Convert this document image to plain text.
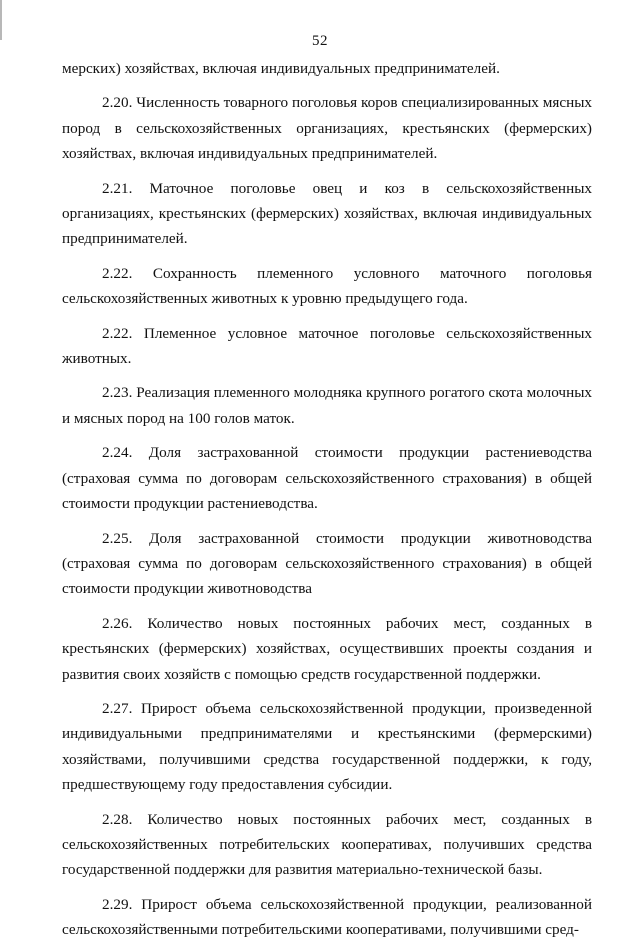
52

мерских) хозяйствах, включая индивидуальных предпринимателей.

2.20. Численность товарного поголовья коров специализированных мясных пород в сельскохозяйственных организациях, крестьянских (фермерских) хозяйствах, включая индивидуальных предпринимателей.

2.21. Маточное поголовье овец и коз в сельскохозяйственных организациях, крестьянских (фермерских) хозяйствах, включая индивидуальных предпринимателей.

2.22. Сохранность племенного условного маточного поголовья сельскохозяйственных животных к уровню предыдущего года.

2.22. Племенное условное маточное поголовье сельскохозяйственных животных.

2.23. Реализация племенного молодняка крупного рогатого скота молочных и мясных пород на 100 голов маток.

2.24. Доля застрахованной стоимости продукции растениеводства (страховая сумма по договорам сельскохозяйственного страхования) в общей стоимости продукции растениеводства.

2.25. Доля застрахованной стоимости продукции животноводства (страховая сумма по договорам сельскохозяйственного страхования) в общей стоимости продукции животноводства

2.26. Количество новых постоянных рабочих мест, созданных в крестьянских (фермерских) хозяйствах, осуществивших проекты создания и развития своих хозяйств с помощью средств государственной поддержки.

2.27. Прирост объема сельскохозяйственной продукции, произведенной индивидуальными предпринимателями и крестьянскими (фермерскими) хозяйствами, получившими средства государственной поддержки, к году, предшествующему году предоставления субсидии.

2.28. Количество новых постоянных рабочих мест, созданных в сельскохозяйственных потребительских кооперативах, получивших средства государственной поддержки для развития материально-технической базы.

2.29. Прирост объема сельскохозяйственной продукции, реализованной сельскохозяйственными потребительскими кооперативами, получившими сред-
